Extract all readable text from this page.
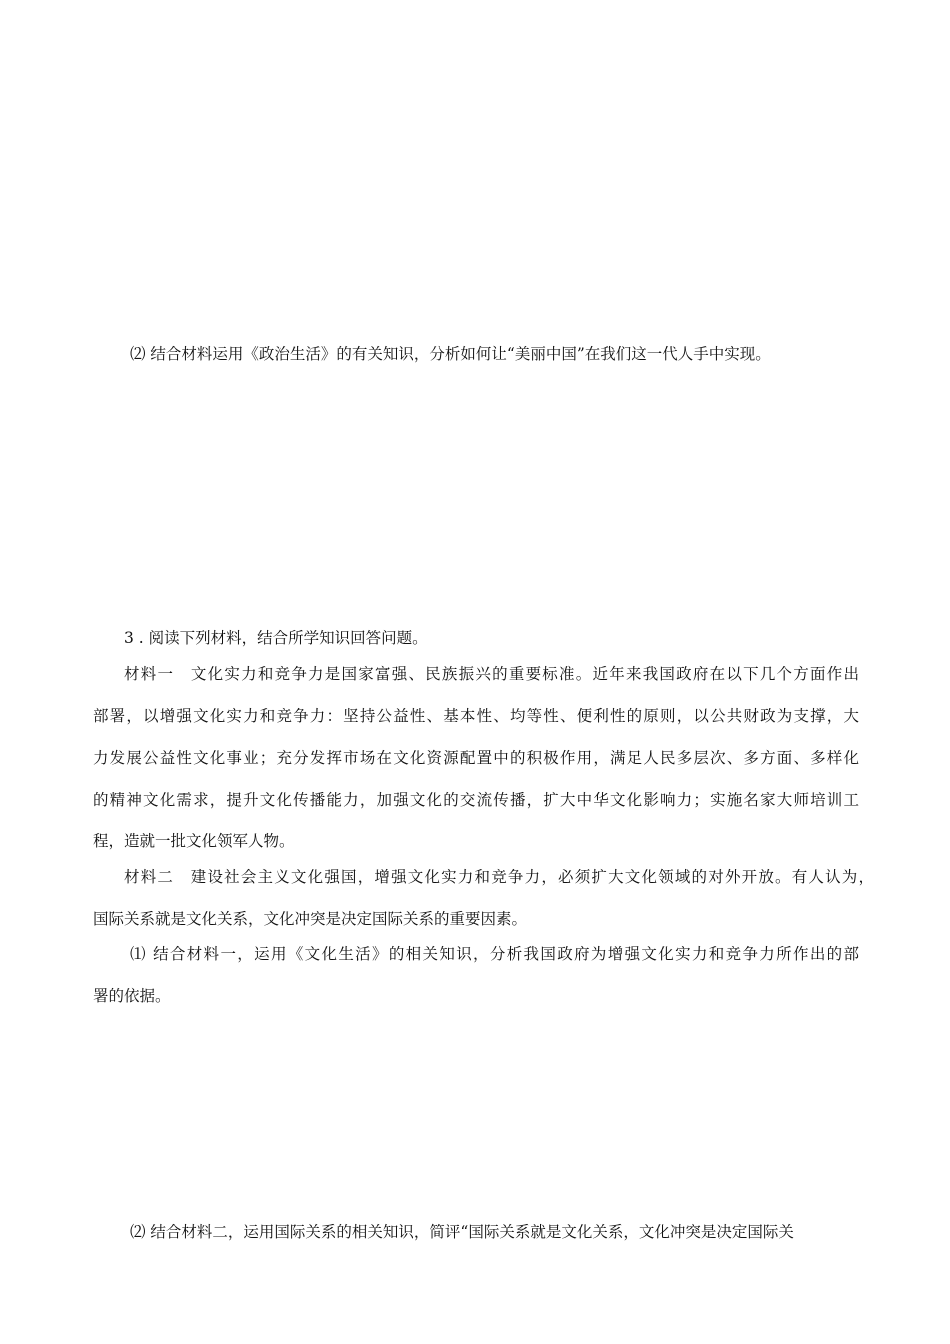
⑵ 结合材料运用《政治生活》的有关知识，分析如何让“美丽中国”在我们这一代人手中实现。
3 . 阅读下列材料，结合所学知识回答问题。
材料一　文化实力和竞争力是国家富强、民族振兴的重要标准。近年来我国政府在以下几个方面作出
部署，以增强文化实力和竞争力：坚持公益性、基本性、均等性、便利性的原则，以公共财政为支撑，大
力发展公益性文化事业；充分发挥市场在文化资源配置中的积极作用，满足人民多层次、多方面、多样化
的精神文化需求，提升文化传播能力，加强文化的交流传播，扩大中华文化影响力；实施名家大师培训工
程，造就一批文化领军人物。
材料二　建设社会主义文化强国，增强文化实力和竞争力，必须扩大文化领域的对外开放。有人认为，
国际关系就是文化关系，文化冲突是决定国际关系的重要因素。
⑴ 结合材料一，运用《文化生活》的相关知识，分析我国政府为增强文化实力和竞争力所作出的部
署的依据。
⑵ 结合材料二，运用国际关系的相关知识，简评“国际关系就是文化关系，文化冲突是决定国际关
